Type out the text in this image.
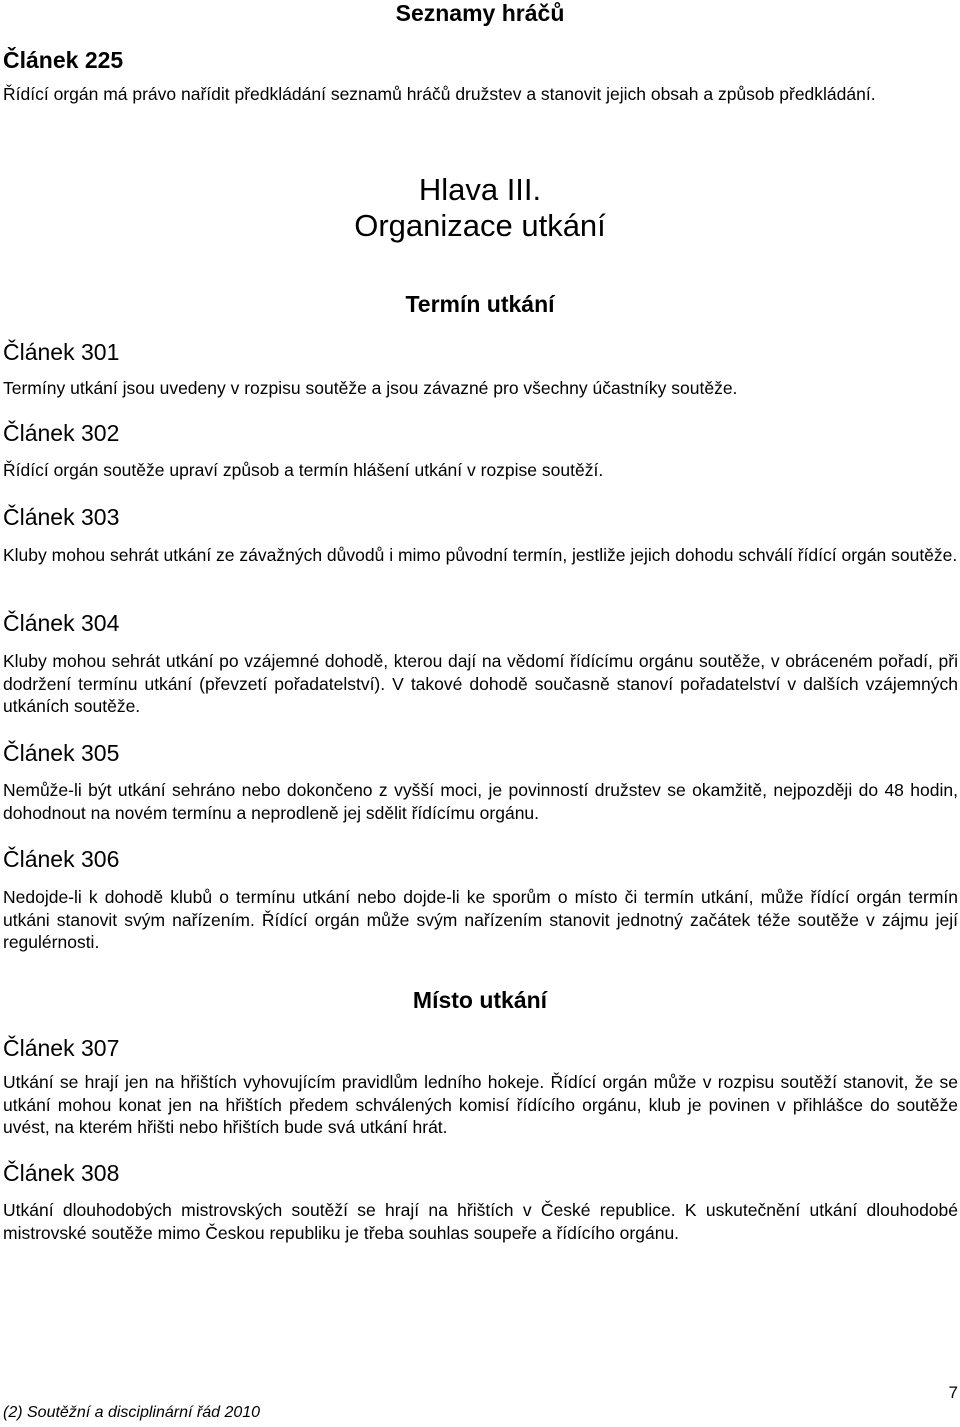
Seznamy hráčů
Článek 225
Řídící orgán má právo nařídit předkládání seznamů hráčů družstev a stanovit jejich obsah a způsob předkládání.
Hlava III.
Organizace utkání
Termín utkání
Článek 301
Termíny utkání jsou uvedeny v rozpisu soutěže a jsou závazné pro všechny účastníky soutěže.
Článek 302
Řídící orgán soutěže upraví způsob a termín hlášení utkání v rozpise soutěží.
Článek 303
Kluby mohou sehrát utkání ze závažných důvodů i mimo původní termín, jestliže jejich dohodu schválí řídící orgán soutěže.
Článek 304
Kluby mohou sehrát utkání po vzájemné dohodě, kterou dají na vědomí řídícímu orgánu soutěže, v obráceném pořadí, při dodržení termínu utkání (převzetí pořadatelství). V takové dohodě současně stanoví pořadatelství v dalších vzájemných utkáních soutěže.
Článek 305
Nemůže-li být utkání sehráno nebo dokončeno z vyšší moci, je povinností družstev se okamžitě, nejpozději do 48 hodin, dohodnout na novém termínu a neprodleně jej sdělit řídícímu orgánu.
Článek 306
Nedojde-li k dohodě klubů o termínu utkání nebo dojde-li ke sporům o místo či termín utkání, může řídící orgán termín utkáni stanovit svým nařízením. Řídící orgán může svým nařízením stanovit jednotný začátek téže soutěže v zájmu její regulérnosti.
Místo utkání
Článek 307
Utkání se hrají jen na hřištích vyhovujícím pravidlům ledního hokeje. Řídící orgán může v rozpisu soutěží stanovit, že se utkání mohou konat jen na hřištích předem schválených komisí řídícího orgánu, klub je povinen v přihlášce do soutěže uvést, na kterém hřišti nebo hřištích bude svá utkání hrát.
Článek 308
Utkání dlouhodobých mistrovských soutěží se hrají na hřištích v České republice. K uskutečnění utkání dlouhodobé mistrovské soutěže mimo Českou republiku je třeba souhlas soupeře a řídícího orgánu.
7
(2) Soutěžní a disciplinární řád 2010
